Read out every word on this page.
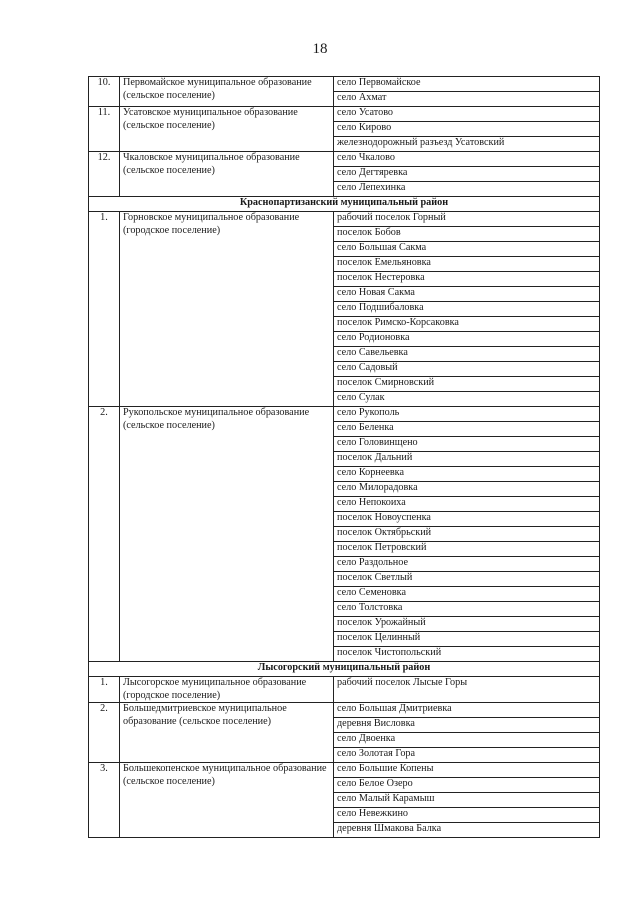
18
10.	Первомайское муниципальное образование (сельское поселение)	село Первомайское
		село Ахмат
11.	Усатовское муниципальное образование (сельское поселение)	село Усатово
		село Кирово
		железнодорожный разъезд Усатовский
12.	Чкаловское муниципальное образование (сельское поселение)	село Чкалово
		село Дегтяревка
		село Лепехинка
Краснопартизанский муниципальный район		
1.	Горновское муниципальное образование (городское поселение)	рабочий поселок Горный
		поселок Бобов
		село Большая Сакма
		поселок Емельяновка
		поселок Нестеровка
		село Новая Сакма
		село Подшибаловка
		поселок Римско-Корсаковка
		село Родионовка
		село Савельевка
		село Садовый
		поселок Смирновский
		село Сулак
2.	Рукопольское муниципальное образование (сельское поселение)	село Рукополь
		село Беленка
		село Головинщено
		поселок Дальний
		село Корнеевка
		село Милорадовка
		село Непокоиха
		поселок Новоуспенка
		поселок Октябрьский
		поселок Петровский
		село Раздольное
		поселок Светлый
		село Семеновка
		село Толстовка
		поселок Урожайный
		поселок Целинный
		поселок Чистопольский
Лысогорский муниципальный район		
1.	Лысогорское муниципальное образование (городское поселение)	рабочий поселок Лысые Горы
2.	Большедмитриевское муниципальное образование (сельское поселение)	село Большая Дмитриевка
		деревня Висловка
		село Двоенка
		село Золотая Гора
3.	Большекопенское муниципальное образование (сельское поселение)	село Большие Копены
		село Белое Озеро
		село Малый Карамыш
		село Невежкино
		деревня Шмакова Балка
